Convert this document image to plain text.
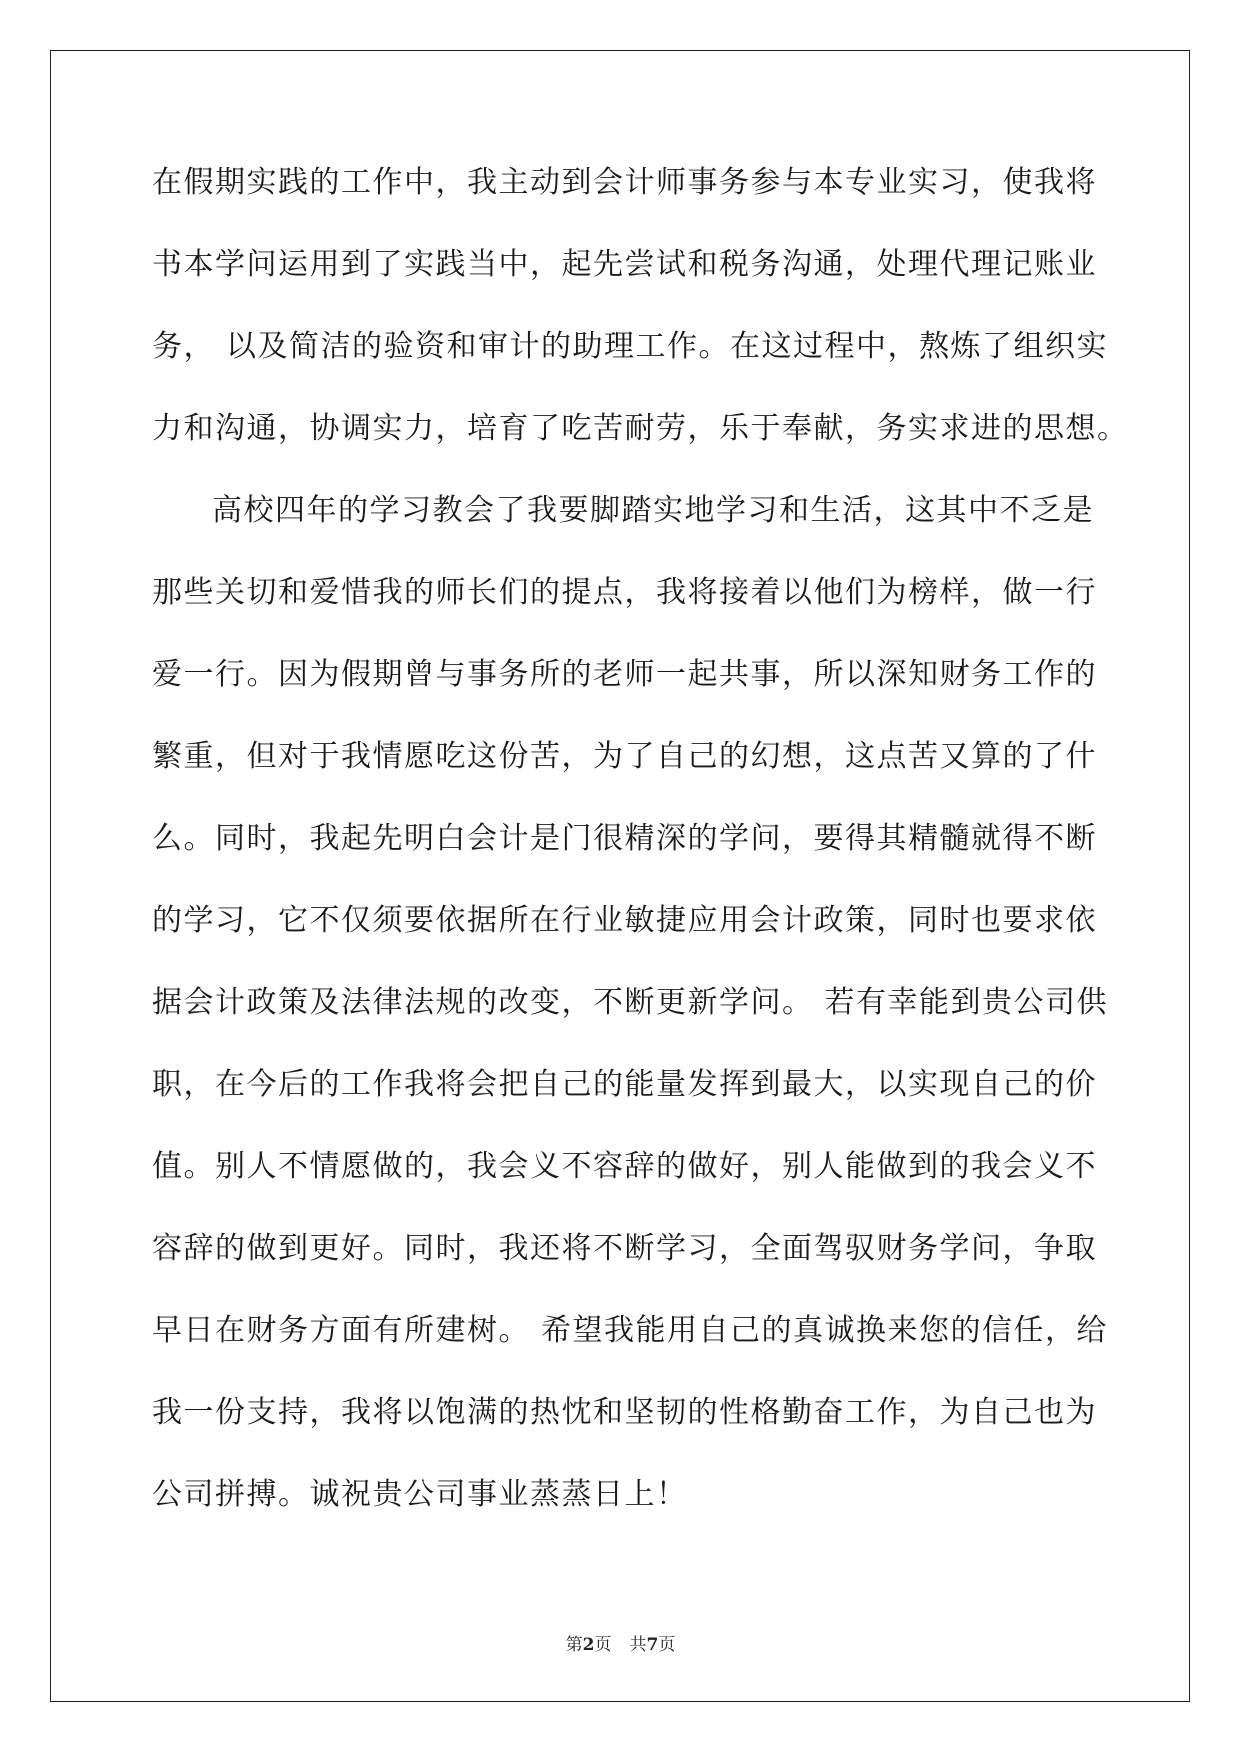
在假期实践的工作中，我主动到会计师事务参与本专业实习，使我将
书本学问运用到了实践当中，起先尝试和税务沟通，处理代理记账业
务， 以及简洁的验资和审计的助理工作。在这过程中，熬炼了组织实
力和沟通，协调实力，培育了吃苦耐劳，乐于奉献，务实求进的思想。
高校四年的学习教会了我要脚踏实地学习和生活，这其中不乏是
那些关切和爱惜我的师长们的提点，我将接着以他们为榜样，做一行
爱一行。因为假期曾与事务所的老师一起共事，所以深知财务工作的
繁重，但对于我情愿吃这份苦，为了自己的幻想，这点苦又算的了什
么。同时，我起先明白会计是门很精深的学问，要得其精髓就得不断
的学习，它不仅须要依据所在行业敏捷应用会计政策，同时也要求依
据会计政策及法律法规的改变，不断更新学问。 若有幸能到贵公司供
职，在今后的工作我将会把自己的能量发挥到最大，以实现自己的价
值。别人不情愿做的，我会义不容辞的做好，别人能做到的我会义不
容辞的做到更好。同时，我还将不断学习，全面驾驭财务学问，争取
早日在财务方面有所建树。 希望我能用自己的真诚换来您的信任，给
我一份支持，我将以饱满的热忱和坚韧的性格勤奋工作，为自己也为
公司拼搏。诚祝贵公司事业蒸蒸日上！
第2页 共7页
